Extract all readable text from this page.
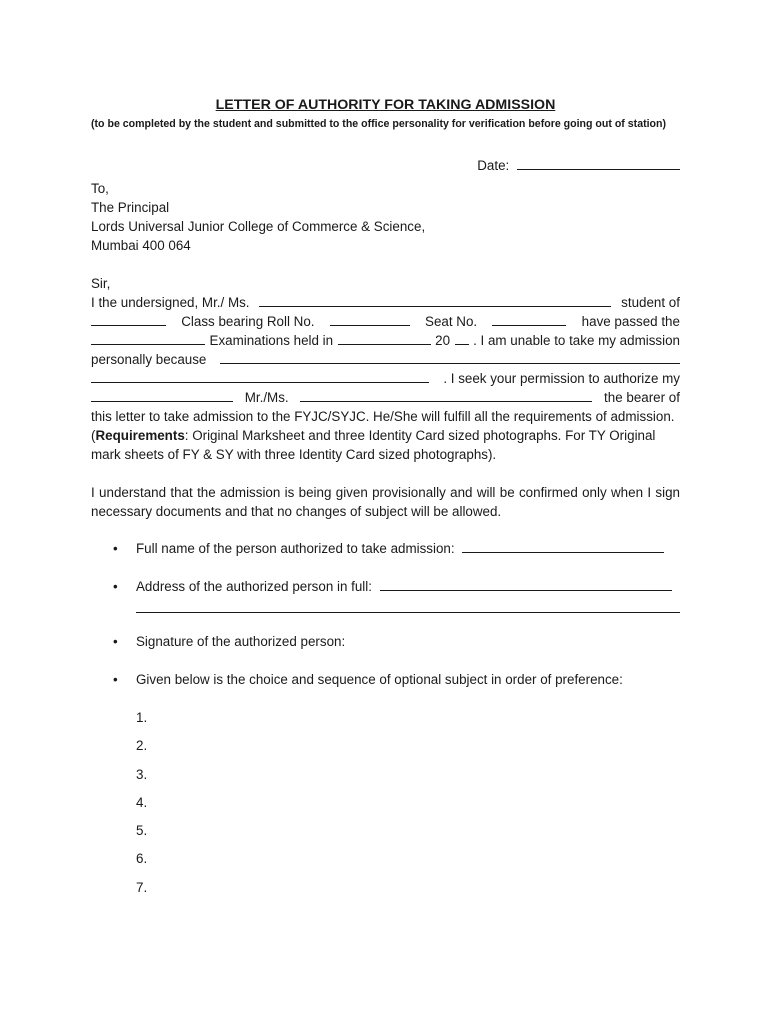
LETTER OF AUTHORITY FOR TAKING ADMISSION
(to be completed by the student and submitted to the office personality for verification before going out of station)
Date:
To,
The Principal
Lords Universal Junior College of Commerce & Science,
Mumbai 400 064
Sir,
I the undersigned, Mr./ Ms.	student of
Class bearing Roll No.	Seat No.	have passed the
Examinations held in	20 . I am unable to take my admission
personally because
. I seek your permission to authorize my
Mr./Ms.	the bearer of
this letter to take admission to the FYJC/SYJC. He/She will fulfill all the requirements of admission.
(Requirements: Original Marksheet and three Identity Card sized photographs. For TY Original
mark sheets of FY & SY with three Identity Card sized photographs).
I understand that the admission is being given provisionally and will be confirmed only when I sign necessary documents and that no changes of subject will be allowed.
• Full name of the person authorized to take admission:
• Address of the authorized person in full:
• Signature of the authorized person:
• Given below is the choice and sequence of optional subject in order of preference:
1.
2.
3.
4.
5.
6.
7.
